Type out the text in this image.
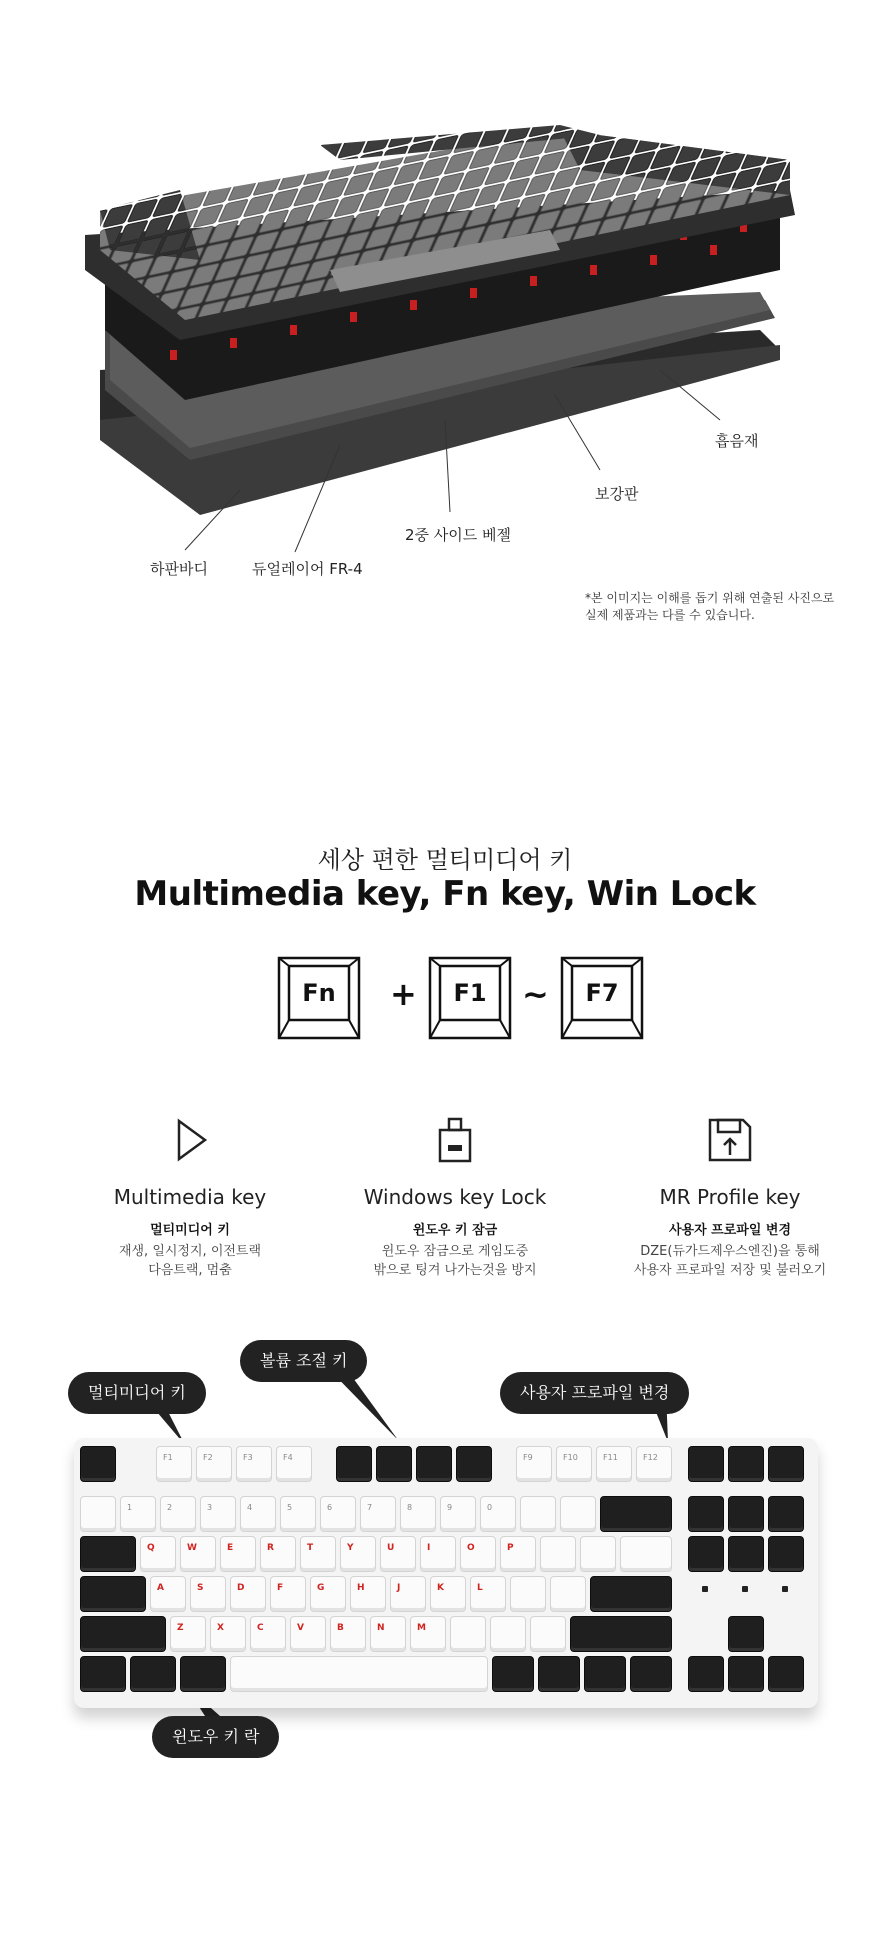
흡음재
보강판
2중 사이드 베젤
하판바디	듀얼레이어 FR-4
*본 이미지는 이해를 돕기 위해 연출된 사진으로
실제 제품과는 다를 수 있습니다.
세상 편한 멀티미디어 키
Multimedia key, Fn key, Win Lock
Fn	+	F1	~	F7
Multimedia key
멀티미디어 키
재생, 일시정지, 이전트랙
다음트랙, 멈춤
Windows key Lock
윈도우 키 잠금
윈도우 잠금으로 게임도중
밖으로 팅겨 나가는것을 방지
MR Profile key
사용자 프로파일 변경
DZE(듀가드제우스엔진)을 통해
사용자 프로파일 저장 및 불러오기
F1	F2	F3	F4	F9	F10	F11	F12
1	2	3	4	5	6	7	8	9	0
Q	W	E	R	T	Y	U	I	O	P
A	S	D	F	G	H	J	K	L
Z	X	C	V	B	N	M
볼륨 조절 키
멀티미디어 키	사용자 프로파일 변경
윈도우 키 락
